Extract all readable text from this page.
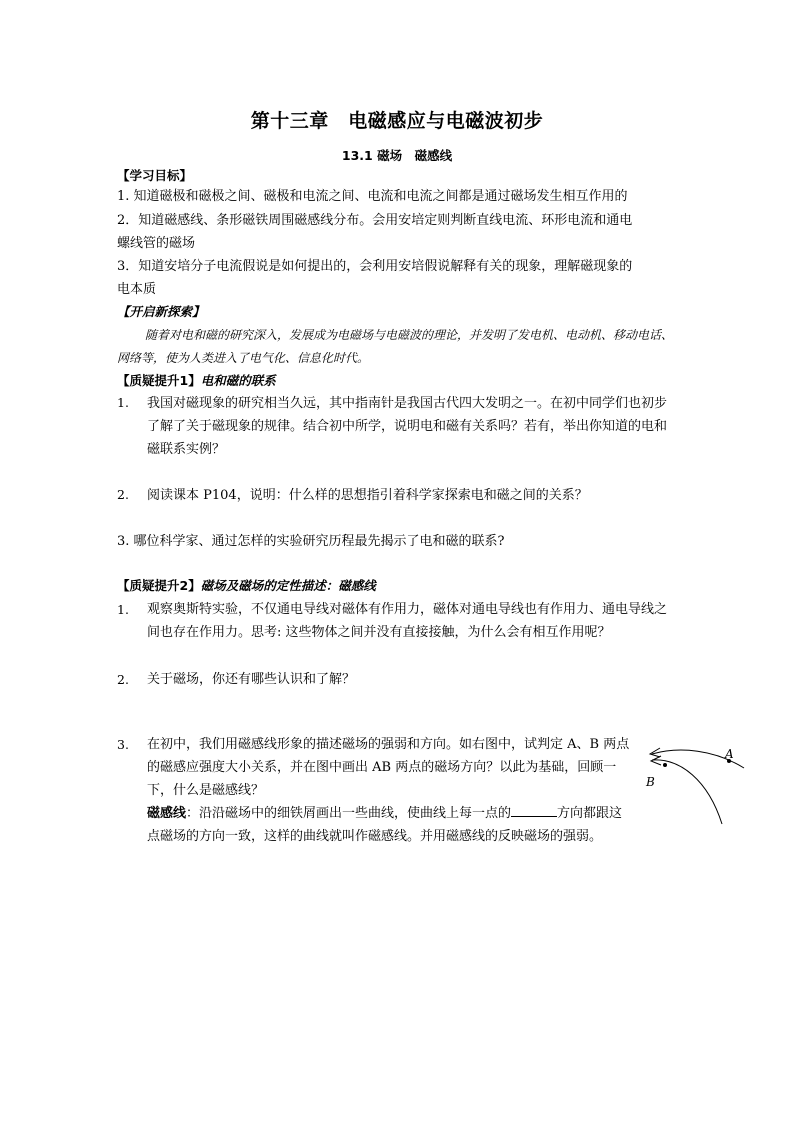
第十三章　电磁感应与电磁波初步
13.1 磁场　磁感线
【学习目标】
1. 知道磁极和磁极之间、磁极和电流之间、电流和电流之间都是通过磁场发生相互作用的
2．知道磁感线、条形磁铁周围磁感线分布。会用安培定则判断直线电流、环形电流和通电
螺线管的磁场
3．知道安培分子电流假说是如何提出的，会利用安培假说解释有关的现象，理解磁现象的
电本质
【开启新探索】
随着对电和磁的研究深入，发展成为电磁场与电磁波的理论，并发明了发电机、电动机、移动电话、网络等，使为人类进入了电气化、信息化时代。
【质疑提升1】电和磁的联系
1. 我国对磁现象的研究相当久远，其中指南针是我国古代四大发明之一。在初中同学们也初步了解了关于磁现象的规律。结合初中所学，说明电和磁有关系吗？若有，举出你知道的电和磁联系实例？
2. 阅读课本 P104，说明：什么样的思想指引着科学家探索电和磁之间的关系？
3. 哪位科学家、通过怎样的实验研究历程最先揭示了电和磁的联系?
【质疑提升2】磁场及磁场的定性描述：磁感线
1. 观察奥斯特实验，不仅通电导线对磁体有作用力，磁体对通电导线也有作用力、通电导线之间也存在作用力。思考: 这些物体之间并没有直接接触，为什么会有相互作用呢？
2. 关于磁场，你还有哪些认识和了解？
3. 在初中，我们用磁感线形象的描述磁场的强弱和方向。如右图中，试判定 A、B 两点的磁感应强度大小关系，并在图中画出 AB 两点的磁场方向？以此为基础，回顾一下，什么是磁感线？
磁感线：沿沿磁场中的细铁屑画出一些曲线，使曲线上每一点的	方向都跟这点磁场的方向一致，这样的曲线就叫作磁感线。并用磁感线的反映磁场的强弱。
A
B
